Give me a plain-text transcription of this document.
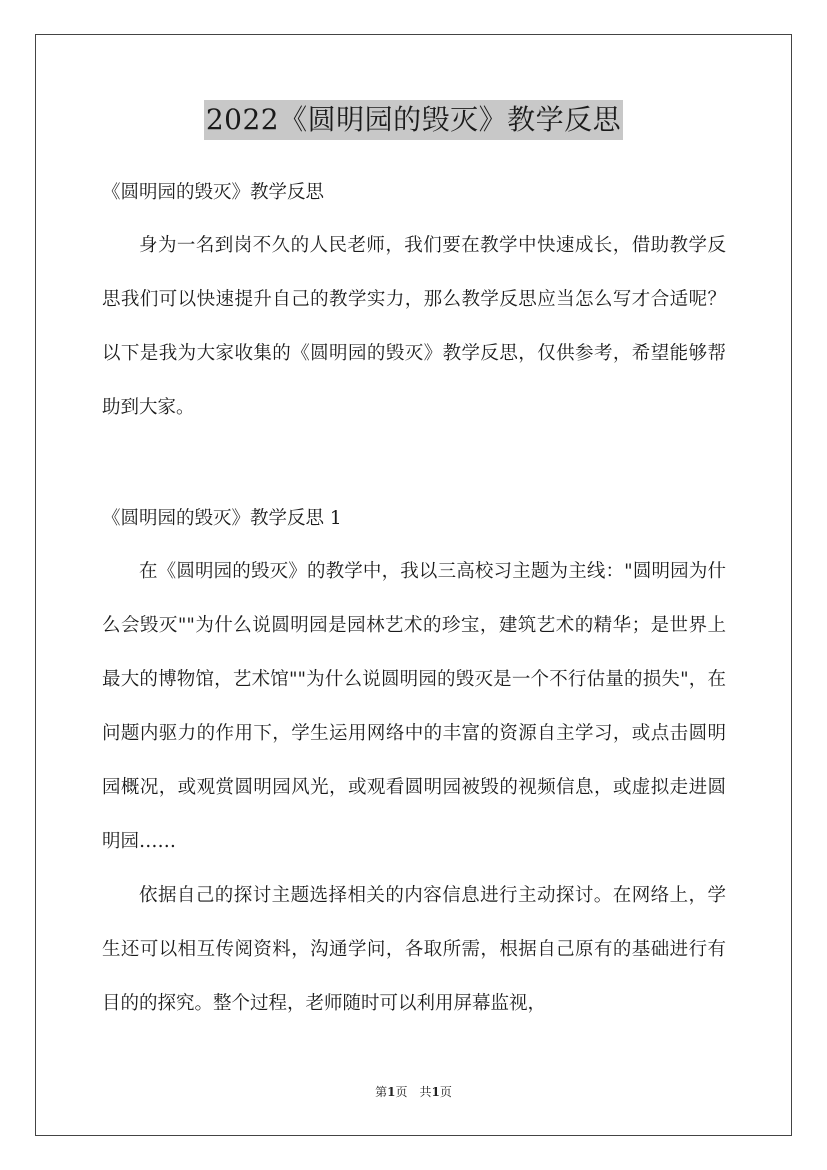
2022《圆明园的毁灭》教学反思

《圆明园的毁灭》教学反思

身为一名到岗不久的人民老师，我们要在教学中快速成长，借助教学反思我们可以快速提升自己的教学实力，那么教学反思应当怎么写才合适呢？以下是我为大家收集的《圆明园的毁灭》教学反思，仅供参考，希望能够帮助到大家。

《圆明园的毁灭》教学反思 1

在《圆明园的毁灭》的教学中，我以三高校习主题为主线："圆明园为什么会毁灭""为什么说圆明园是园林艺术的珍宝，建筑艺术的精华；是世界上最大的博物馆，艺术馆""为什么说圆明园的毁灭是一个不行估量的损失"，在问题内驱力的作用下，学生运用网络中的丰富的资源自主学习，或点击圆明园概况，或观赏圆明园风光，或观看圆明园被毁的视频信息，或虚拟走进圆明园……

依据自己的探讨主题选择相关的内容信息进行主动探讨。在网络上，学生还可以相互传阅资料，沟通学问，各取所需，根据自己原有的基础进行有目的的探究。整个过程，老师随时可以利用屏幕监视，

第1页　共1页
